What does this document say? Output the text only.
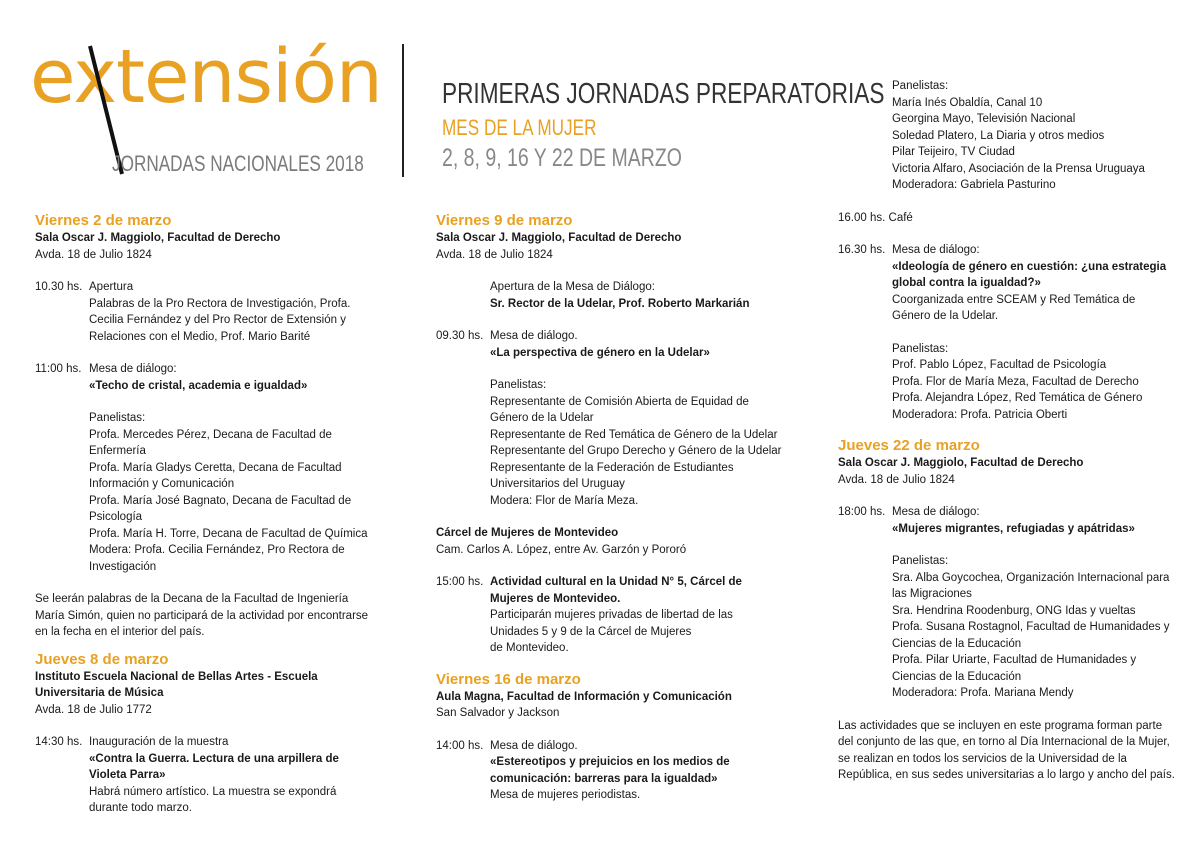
extensión
JORNADAS NACIONALES 2018
PRIMERAS JORNADAS PREPARATORIAS
MES DE LA MUJER
2, 8, 9, 16 Y 22 DE MARZO
Viernes 2 de marzo

Sala Oscar J. Maggiolo, Facultad de Derecho

Avda. 18 de Julio 1824

10.30 hs. Apertura

Palabras de la Pro Rectora de Investigación, Profa.

Cecilia Fernández y del Pro Rector de Extensión y

Relaciones con el Medio, Prof. Mario Barité

11:00 hs. Mesa de diálogo:

«Techo de cristal, academia e igualdad»

Panelistas:

Profa. Mercedes Pérez, Decana de Facultad de

Enfermería

Profa. María Gladys Ceretta, Decana de Facultad

Información y Comunicación

Profa. María José Bagnato, Decana de Facultad de

Psicología

Profa. María H. Torre, Decana de Facultad de Química

Modera: Profa. Cecilia Fernández, Pro Rectora de

Investigación

Se leerán palabras de la Decana de la Facultad de Ingeniería

María Simón, quien no participará de la actividad por encontrarse

en la fecha en el interior del país.

Jueves 8 de marzo

Instituto Escuela Nacional de Bellas Artes - Escuela

Universitaria de Música

Avda. 18 de Julio 1772

14:30 hs. Inauguración de la muestra

«Contra la Guerra. Lectura de una arpillera de

Violeta Parra»

Habrá número artístico. La muestra se expondrá

durante todo marzo.

Viernes 9 de marzo

Sala Oscar J. Maggiolo, Facultad de Derecho

Avda. 18 de Julio 1824

Apertura de la Mesa de Diálogo:

Sr. Rector de la Udelar, Prof. Roberto Markarián

09.30 hs. Mesa de diálogo.

«La perspectiva de género en la Udelar»

Panelistas:

Representante de Comisión Abierta de Equidad de

Género de la Udelar

Representante de Red Temática de Género de la Udelar

Representante del Grupo Derecho y Género de la Udelar

Representante de la Federación de Estudiantes

Universitarios del Uruguay

Modera: Flor de María Meza.

Cárcel de Mujeres de Montevideo

Cam. Carlos A. López, entre Av. Garzón y Pororó

15:00 hs. Actividad cultural en la Unidad N° 5, Cárcel de

Mujeres de Montevideo.

Participarán mujeres privadas de libertad de las

Unidades 5 y 9 de la Cárcel de Mujeres

de Montevideo.

Viernes 16 de marzo

Aula Magna, Facultad de Información y Comunicación

San Salvador y Jackson

14:00 hs. Mesa de diálogo.

«Estereotipos y prejuicios en los medios de

comunicación: barreras para la igualdad»

Mesa de mujeres periodistas.

Panelistas:

María Inés Obaldía, Canal 10

Georgina Mayo, Televisión Nacional

Soledad Platero, La Diaria y otros medios

Pilar Teijeiro, TV Ciudad

Victoria Alfaro, Asociación de la Prensa Uruguaya

Moderadora: Gabriela Pasturino

16.00 hs. Café

16.30 hs. Mesa de diálogo:

«Ideología de género en cuestión: ¿una estrategia

global contra la igualdad?»

Coorganizada entre SCEAM y Red Temática de

Género de la Udelar.

Panelistas:

Prof. Pablo López, Facultad de Psicología

Profa. Flor de María Meza, Facultad de Derecho

Profa. Alejandra López, Red Temática de Género

Moderadora: Profa. Patricia Oberti

Jueves 22 de marzo

Sala Oscar J. Maggiolo, Facultad de Derecho

Avda. 18 de Julio 1824

18:00 hs. Mesa de diálogo:

«Mujeres migrantes, refugiadas y apátridas»

Panelistas:

Sra. Alba Goycochea, Organización Internacional para

las Migraciones

Sra. Hendrina Roodenburg, ONG Idas y vueltas

Profa. Susana Rostagnol, Facultad de Humanidades y

Ciencias de la Educación

Profa. Pilar Uriarte, Facultad de Humanidades y

Ciencias de la Educación

Moderadora: Profa. Mariana Mendy

Las actividades que se incluyen en este programa forman parte

del conjunto de las que, en torno al Día Internacional de la Mujer,

se realizan en todos los servicios de la Universidad de la

República, en sus sedes universitarias a lo largo y ancho del país.
